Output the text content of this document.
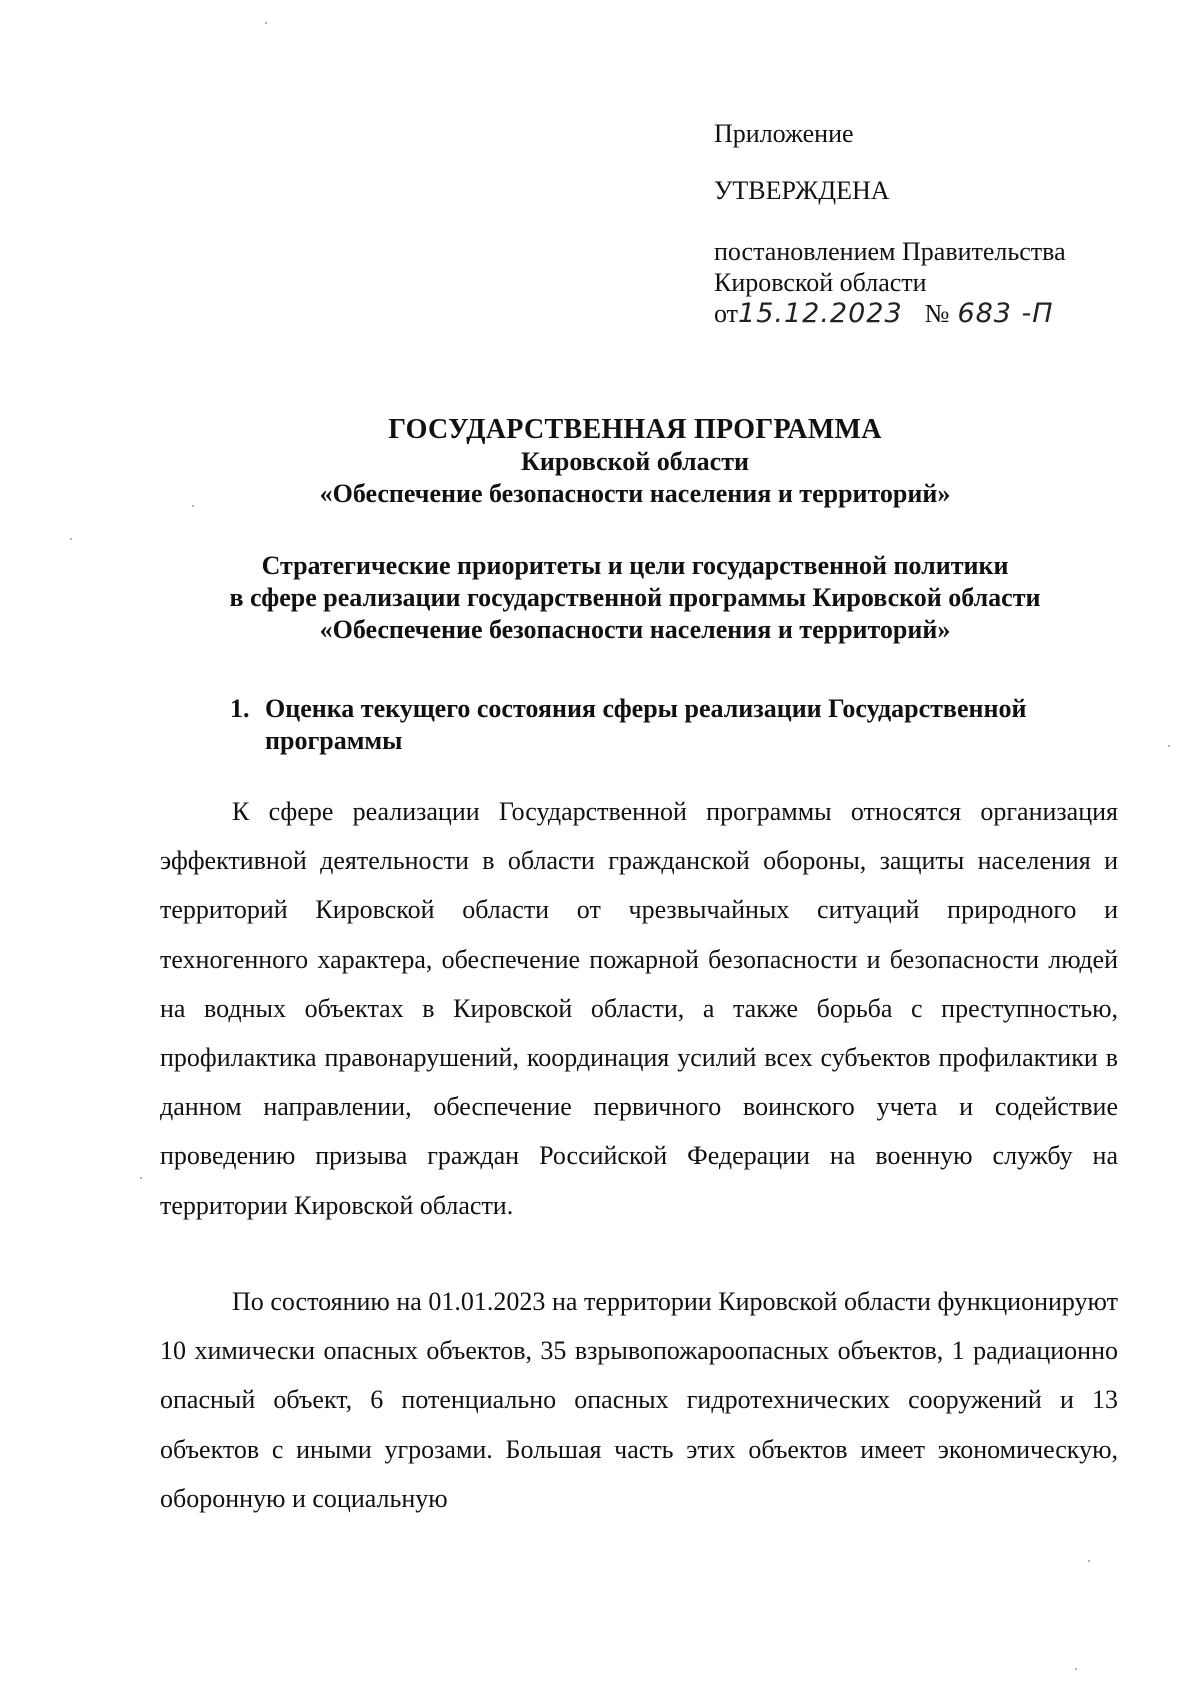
Приложение

УТВЕРЖДЕНА

постановлением Правительства

Кировской области

от15.12.2023 № 683 -П

ГОСУДАРСТВЕННАЯ ПРОГРАММА

Кировской области

«Обеспечение безопасности населения и территорий»

Стратегические приоритеты и цели государственной политики

в сфере реализации государственной программы Кировской области

«Обеспечение безопасности населения и территорий»

1. Оценка текущего состояния сферы реализации Государственной программы

К сфере реализации Государственной программы относятся организация эффективной деятельности в области гражданской обороны, защиты населения и территорий Кировской области от чрезвычайных ситуаций природного и техногенного характера, обеспечение пожарной безопасности и безопасности людей на водных объектах в Кировской области, а также борьба с преступностью, профилактика правонарушений, координация усилий всех субъектов профилактики в данном направлении, обеспечение первичного воинского учета и содействие проведению призыва граждан Российской Федерации на военную службу на территории Кировской области.

По состоянию на 01.01.2023 на территории Кировской области функционируют 10 химически опасных объектов, 35 взрывопожароопасных объектов, 1 радиационно опасный объект, 6 потенциально опасных гидротехнических сооружений и 13 объектов с иными угрозами. Большая часть этих объектов имеет экономическую, оборонную и социальную
